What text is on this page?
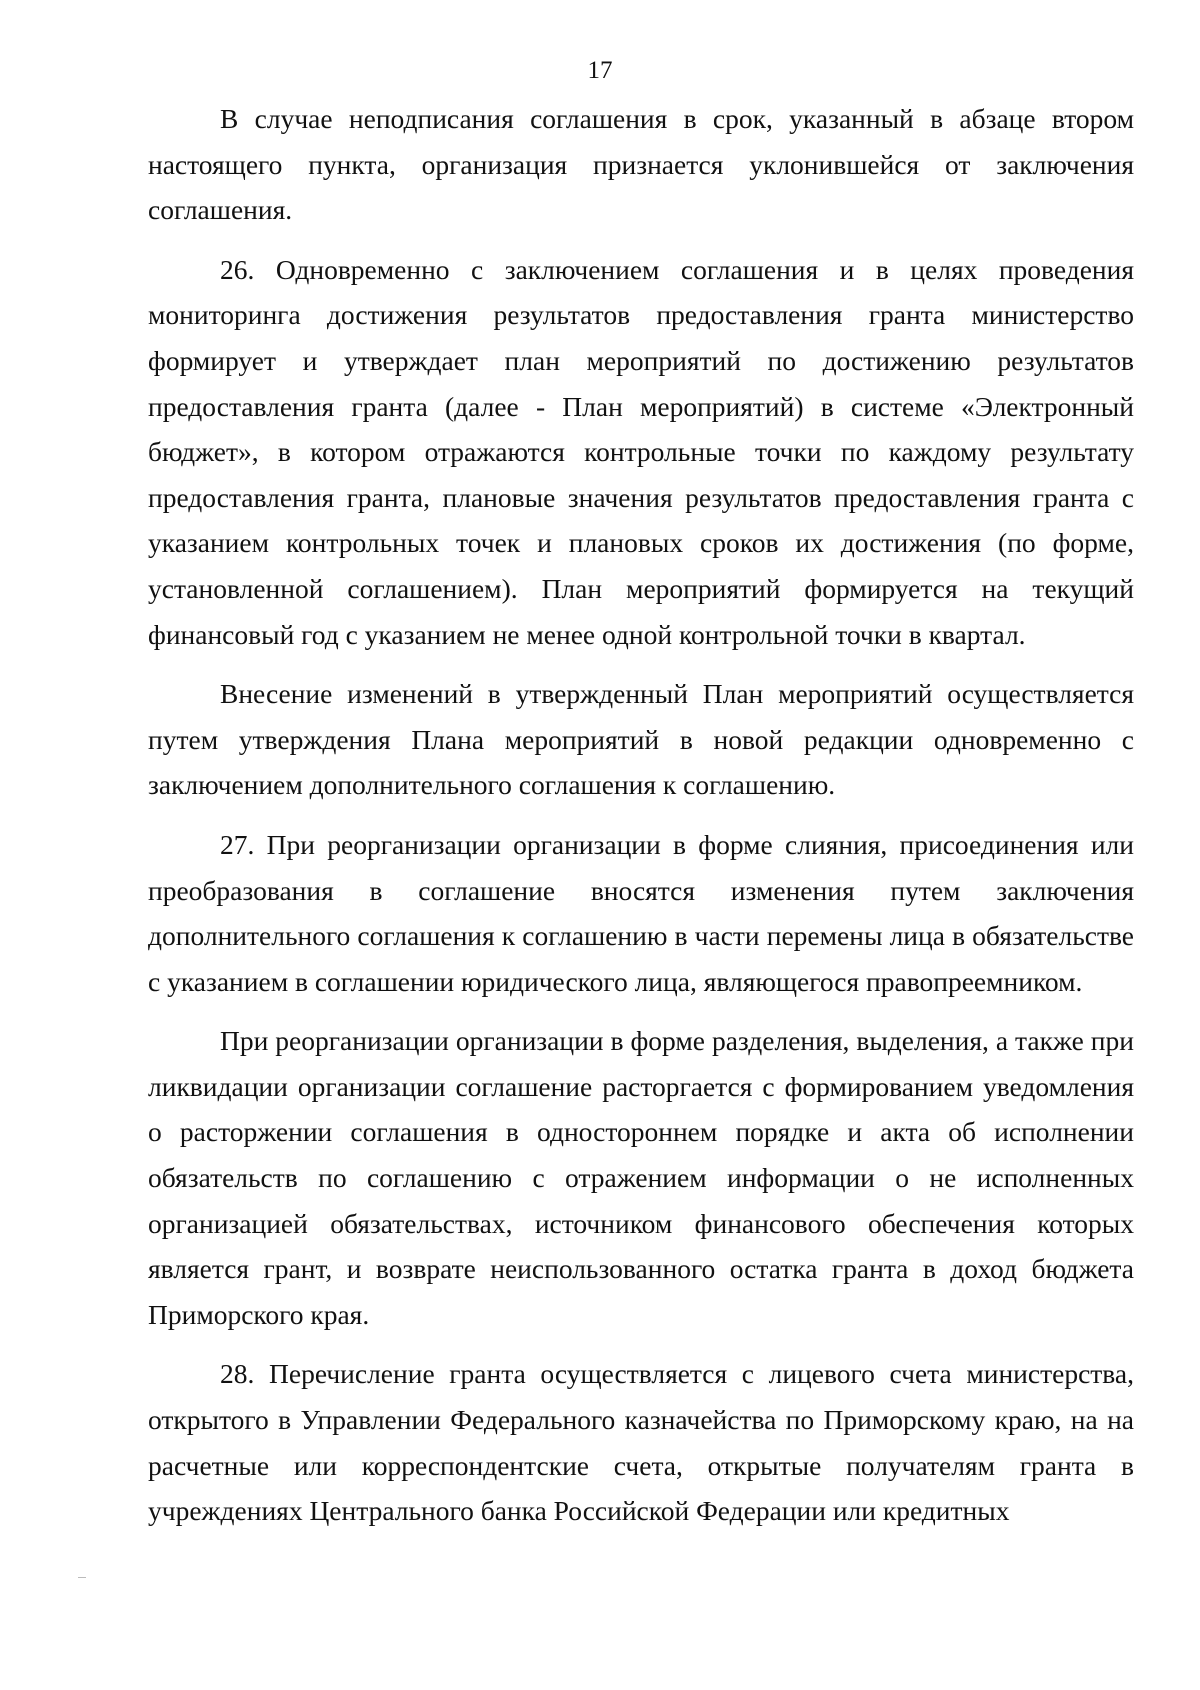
17

В случае неподписания соглашения в срок, указанный в абзаце втором настоящего пункта, организация признается уклонившейся от заключения соглашения.

26. Одновременно с заключением соглашения и в целях проведения мониторинга достижения результатов предоставления гранта министерство формирует и утверждает план мероприятий по достижению результатов предоставления гранта (далее - План мероприятий) в системе «Электронный бюджет», в котором отражаются контрольные точки по каждому результату предоставления гранта, плановые значения результатов предоставления гранта с указанием контрольных точек и плановых сроков их достижения (по форме, установленной соглашением). План мероприятий формируется на текущий финансовый год с указанием не менее одной контрольной точки в квартал.

Внесение изменений в утвержденный План мероприятий осуществляется путем утверждения Плана мероприятий в новой редакции одновременно с заключением дополнительного соглашения к соглашению.

27. При реорганизации организации в форме слияния, присоединения или преобразования в соглашение вносятся изменения путем заключения дополнительного соглашения к соглашению в части перемены лица в обязательстве с указанием в соглашении юридического лица, являющегося правопреемником.

При реорганизации организации в форме разделения, выделения, а также при ликвидации организации соглашение расторгается с формированием уведомления о расторжении соглашения в одностороннем порядке и акта об исполнении обязательств по соглашению с отражением информации о не исполненных организацией обязательствах, источником финансового обеспечения которых является грант, и возврате неиспользованного остатка гранта в доход бюджета Приморского края.

28. Перечисление гранта осуществляется с лицевого счета министерства, открытого в Управлении Федерального казначейства по Приморскому краю, на на расчетные или корреспондентские счета, открытые получателям гранта в учреждениях Центрального банка Российской Федерации или кредитных
